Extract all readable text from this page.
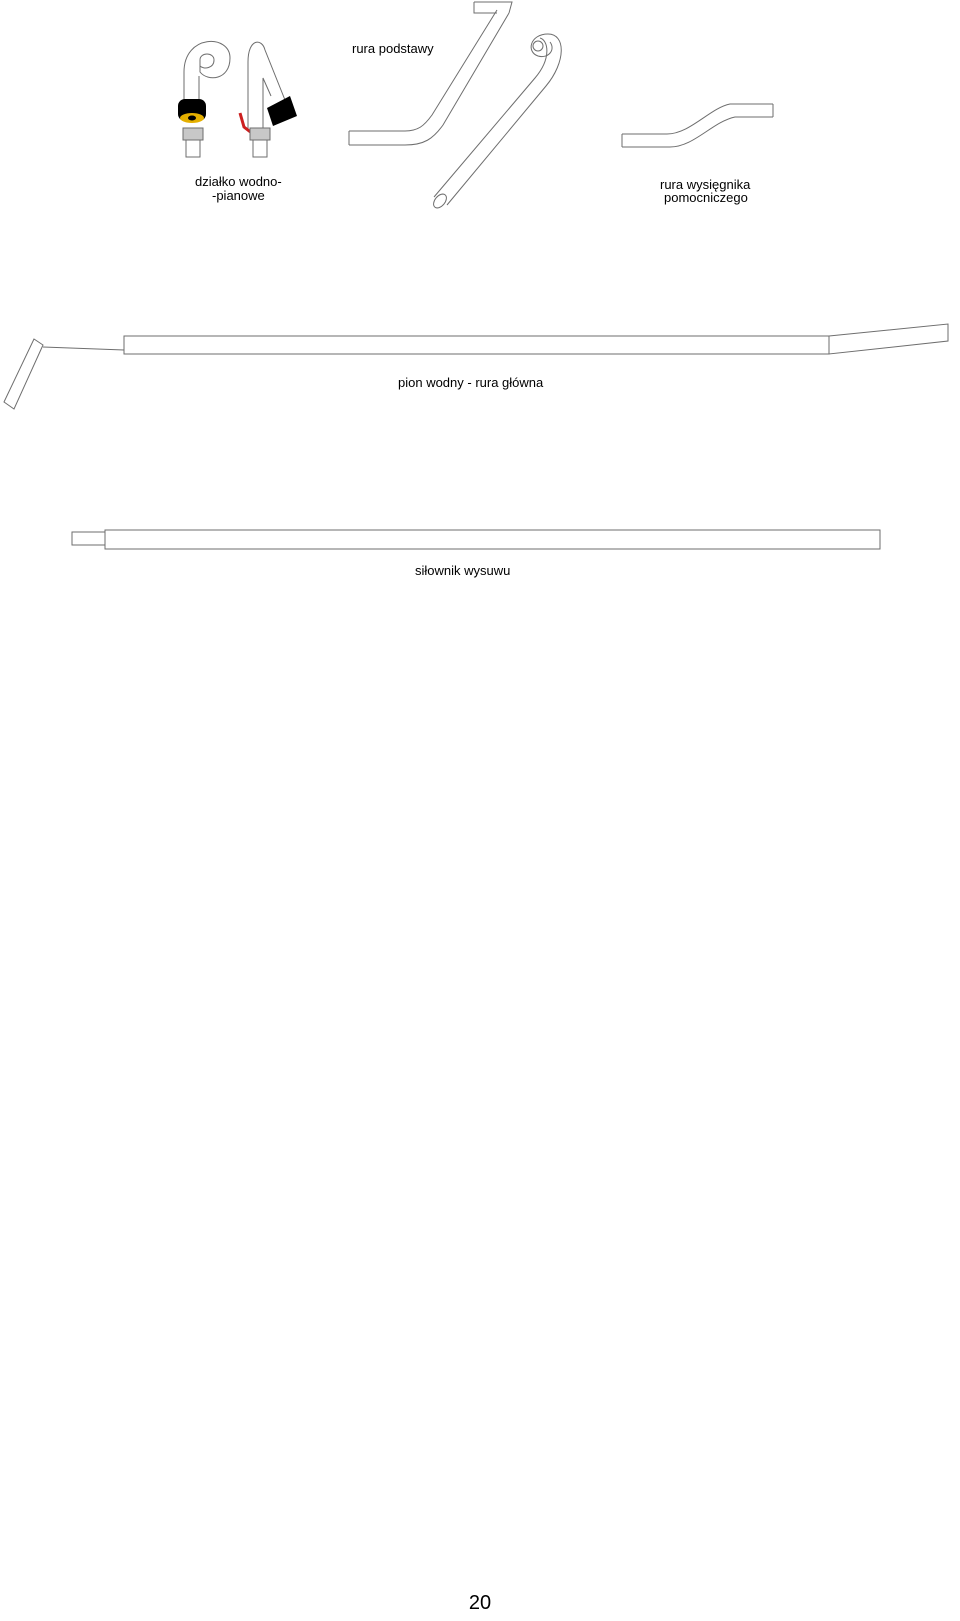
działko wodno-
-pianowe
rura podstawy
rura wysięgnika
pomocniczego
pion wodny - rura główna
siłownik wysuwu
20
